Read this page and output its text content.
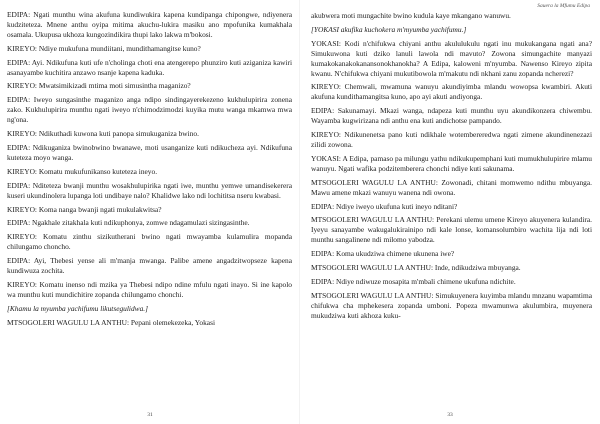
EDIPA: Ngati munthu wina akufuna kundiwukira kapena kundipanga chipongwe, ndiyenera kudziteteza. Mnene anthu oyipa mitima akuchu-lukira masiku ano mpofunika kumakhala osamala. Ukupusa ukhoza kungozindikira thupi lako lakwa m'bokosi.

KIREYO: Ndiye mukufuna mundiitani, mundithamangitse kuno?

EDIPA: Ayi. Ndikufuna kuti ufe n'cholinga choti ena atengerepo phunziro kuti aziganiza kawiri asanayambe kuchitira anzawo nsanje kapena kaduka.

KIREYO: Mwatsimikizadi mtima moti simusintha maganizo?

EDIPA: Iweyo sungasinthe maganizo anga ndipo sindingayerekezeno kukhulupirira zonena zako. Kukhulupirira munthu ngati iweyo n'chimodzimodzi kuyika mutu wanga mkamwa mwa ng'ona.

KIREYO: Ndikuthadi kuwona kuti panopa simukuganiza bwino.

EDIPA: Ndikuganiza bwinobwino bwanawe, moti usanganize kuti ndikucheza ayi. Ndikufuna kuteteza moyo wanga.

KIREYO: Komatu mukufunikanso kuteteza ineyo.

EDIPA: Nditeteza bwanji munthu wosakhulupirika ngati iwe, munthu yemwe umandisekerera kuseri ukundinolera lupanga loti undibaye nalo? Khalidwe lako ndi lochititsa nseru kwabasi.

KIREYO: Koma nanga bwanji ngati mukulakwitsa?

EDIPA: Ngakhale zitakhala kuti ndikuphonya, zomwe ndagamulazi sizingasinthe.

KIREYO: Komatu zinthu sizikutherani bwino ngati mwayamba kulamulira mopanda chilungamo choncho.

EDIPA: Ayi, Thebesi yense ali m'manja mwanga. Palibe amene angadzitwopseze kapena kundiwuza zochita.

KIREYO: Komatu inenso ndi mzika ya Thebesi ndipo ndine mfulu ngati inayo. Si ine kapolo wa munthu kuti mundichitire zopanda chilungamo chonchi.

[Khamu la myumba yachifumu likutsegulidwa.]

MTSOGOLERI WAGULU LA ANTHU: Pepani olemekezeka, Yokasi

31
Sauera la Mfumu Edipa

akubwera moti mungachite bwino kudula kaye mkangano wanuwu.

[YOKASI akufika kuchokera m'myumba yachifumu.]

YOKASI: Kodi n'chifukwa chiyani anthu akululukulu ngati inu mukukangana ngati ana? Simukuwona kuti dziko lanuli lawola ndi mavuto? Zowona simungachite manyazi kumakokanakokanansonokhanokha? A Edipa, kaloweni m'nyumba. Nawenso Kireyo zipita kwanu. N'chifukwa chiyani mukutibowola m'makutu ndi nkhani zanu zopanda ncherezi?

KIREYO: Chemwali, mwamuna wanuyu akundiyimba mlandu wowopsa kwambiri. Akuti akufuna kundithamangitsa kuno, apo ayi akuti andiyonga.

EDIPA: Sakunamayi. Mkazi wanga, ndapeza kuti munthu uyu akundikonzera chiwembu. Wayamba kugwirizana ndi anthu ena kuti andichotse pampando.

KIREYO: Ndikunenetsa pano kuti ndikhale wotembereredwa ngati zimene akundinenezazi zilidi zowona.

YOKASI: A Edipa, pamaso pa milungu yathu ndikukupemphani kuti mumukhulupirire mlamu wanuyu. Ngati wafika podzitemberera chonchi ndiye kuti sakunama.

MTSOGOLERI WAGULU LA ANTHU: Zowonadi, chitani momwemo ndithu mbuyanga. Mawu amene mkazi wanuyu wanena ndi owona.

EDIPA: Ndiye iweyo ukufuna kuti ineyo nditani?

MTSOGOLERI WAGULU LA ANTHU: Perekani ulemu umene Kireyo akuyenera kulandira. Iyeyu sanayambe wakugalukirainipo ndi kale lonse, komansolumbiro wachita lija ndi loti munthu sangalinene ndi milomo yabodza.

EDIPA: Koma ukudziwa chimene ukunena iwe?

MTSOGOLERI WAGULU LA ANTHU: Inde, ndikudziwa mbuyanga.

EDIPA: Ndiye ndiwuze mosapita m'mbali chimene ukufuna ndichite.

MTSOGOLERI WAGULU LA ANTHU: Simukuyenera kuyimba mlandu mnzanu wapamtima chifukwa cha mphekesera zopanda umboni. Popeza mwamunwa akulumbira, muyenera mukudziwa kuti akhoza kuku-

33
